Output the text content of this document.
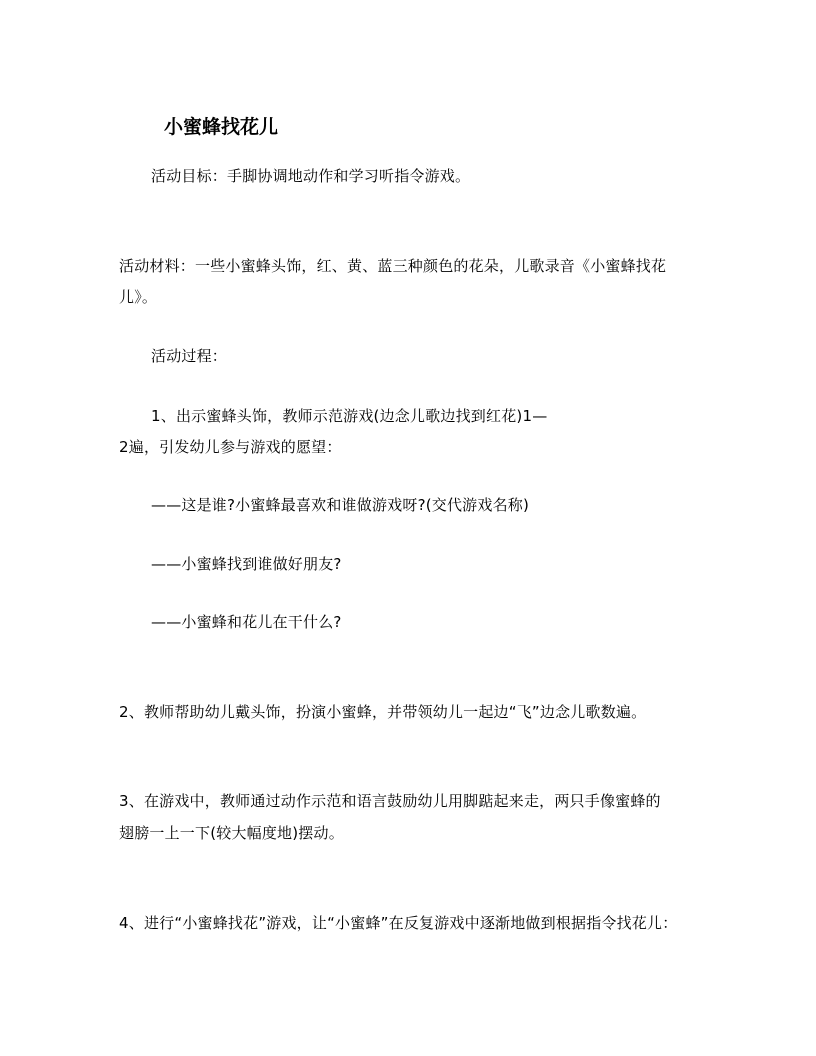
小蜜蜂找花儿
活动目标：手脚协调地动作和学习听指令游戏。
活动材料：一些小蜜蜂头饰，红、黄、蓝三种颜色的花朵，儿歌录音《小蜜蜂找花
儿》。
活动过程：
1、出示蜜蜂头饰，教师示范游戏(边念儿歌边找到红花)1—
2遍，引发幼儿参与游戏的愿望：
——这是谁?小蜜蜂最喜欢和谁做游戏呀?(交代游戏名称)
——小蜜蜂找到谁做好朋友?
——小蜜蜂和花儿在干什么?
2、教师帮助幼儿戴头饰，扮演小蜜蜂，并带领幼儿一起边“飞”边念儿歌数遍。
3、在游戏中，教师通过动作示范和语言鼓励幼儿用脚踮起来走，两只手像蜜蜂的
翅膀一上一下(较大幅度地)摆动。
4、进行“小蜜蜂找花”游戏，让“小蜜蜂”在反复游戏中逐渐地做到根据指令找花儿：
